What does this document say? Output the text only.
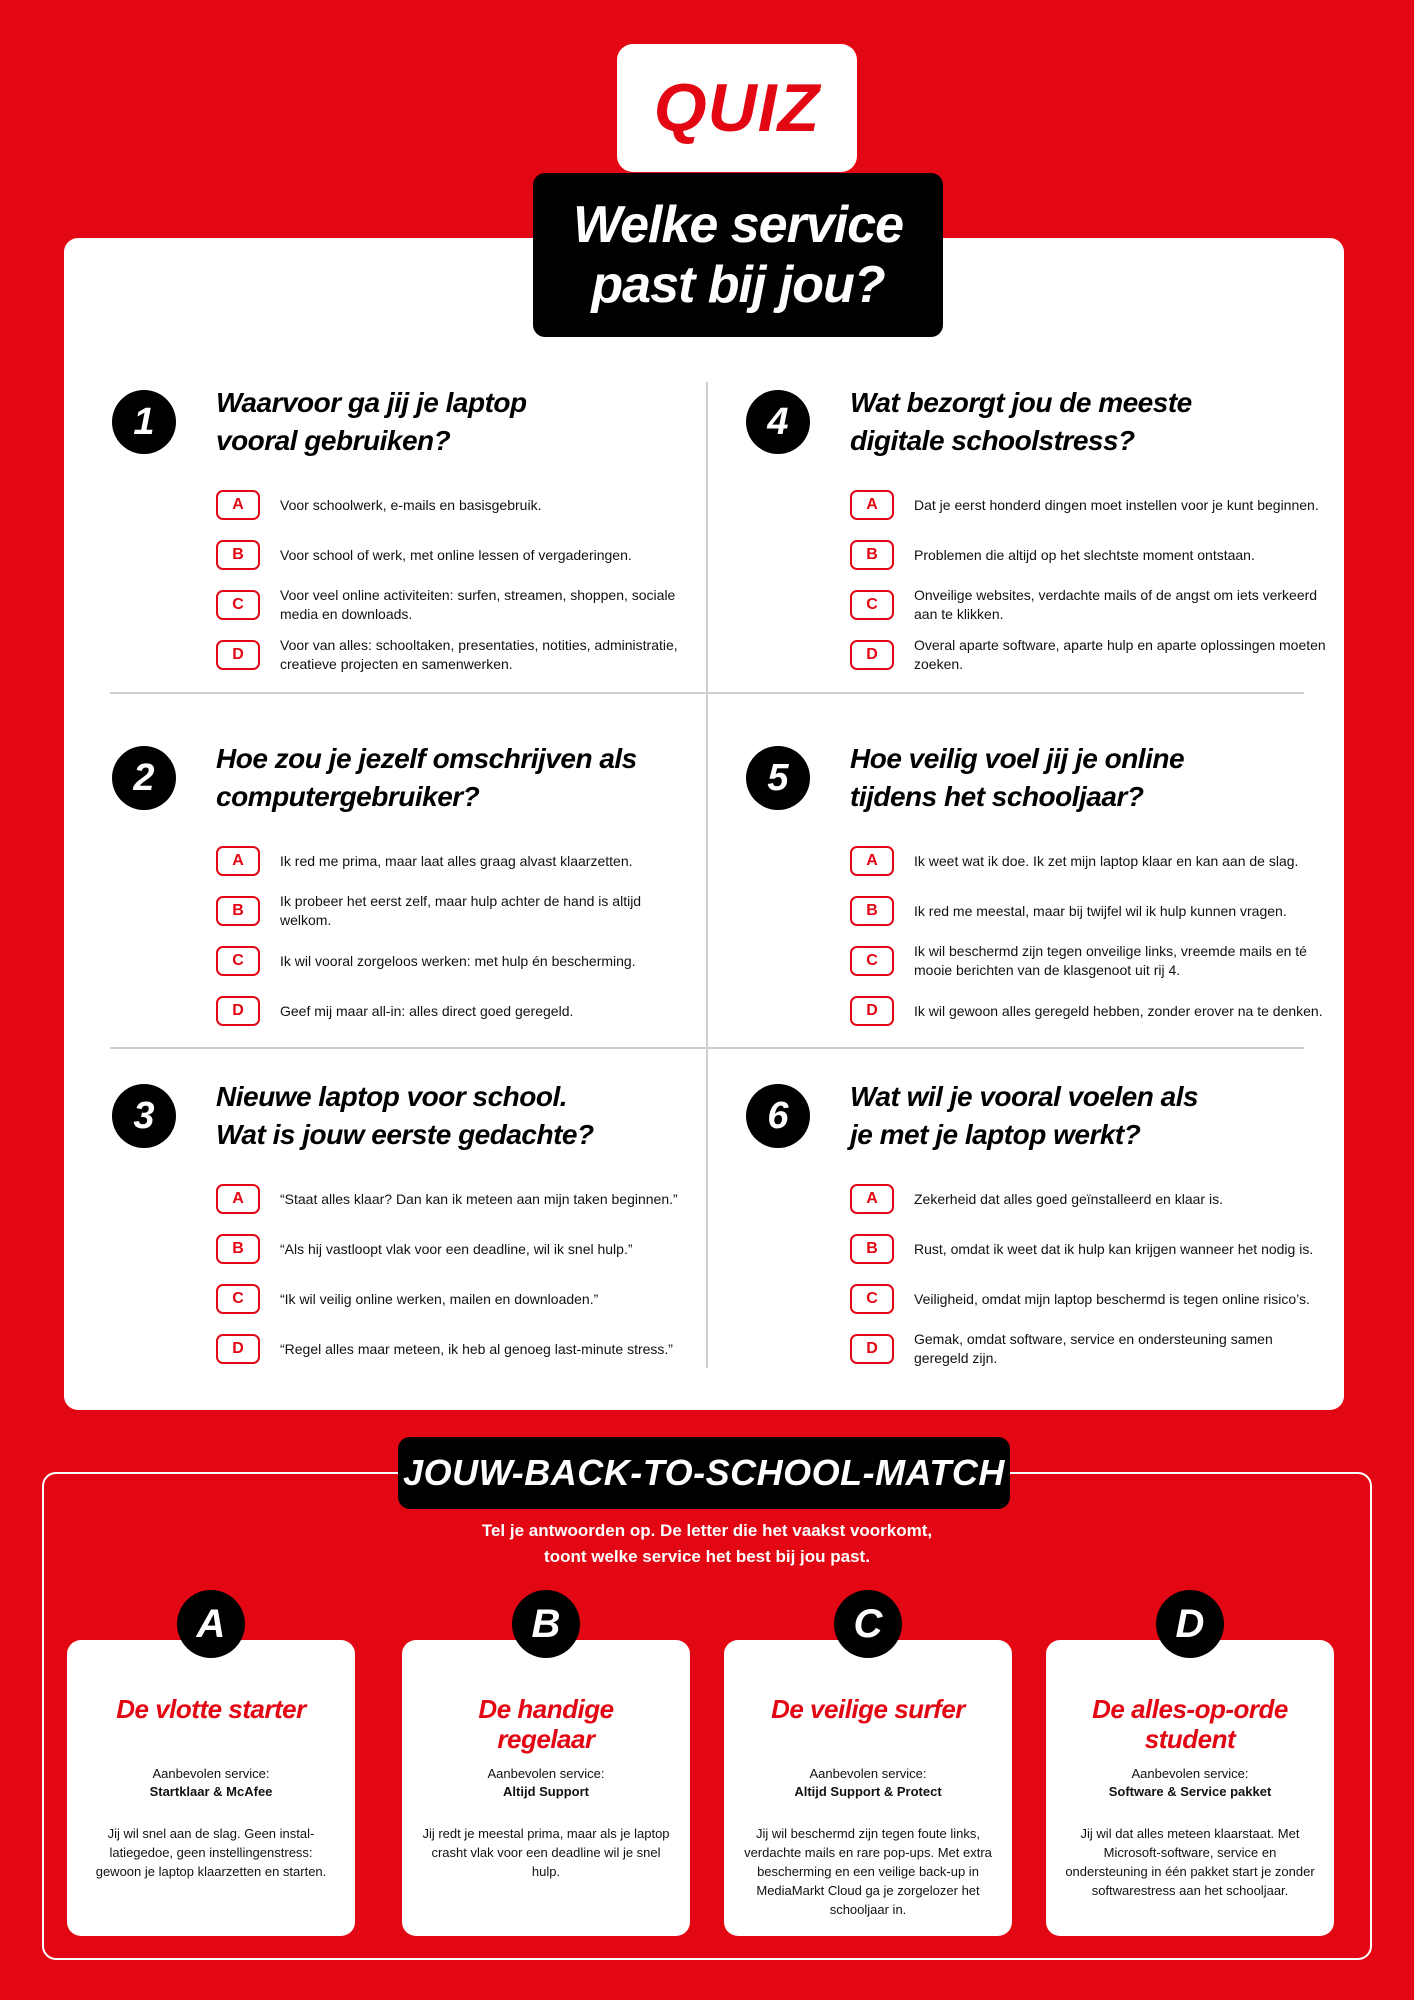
QUIZ
Welke service
past bij jou?
1	Waarvoor ga jij je laptop
vooral gebruiken?
A	Voor schoolwerk, e-mails en basisgebruik.
B	Voor school of werk, met online lessen of vergaderingen.
C
Voor veel online activiteiten: surfen, streamen, shoppen, sociale media en downloads.
D
Voor van alles: schooltaken, presentaties, notities, administratie, creatieve projecten en samenwerken.
2	Hoe zou je jezelf omschrijven als
computergebruiker?
A	Ik red me prima, maar laat alles graag alvast klaarzetten.
B
Ik probeer het eerst zelf, maar hulp achter de hand is altijd welkom.
C	Ik wil vooral zorgeloos werken: met hulp én bescherming.
D	Geef mij maar all-in: alles direct goed geregeld.
3	Nieuwe laptop voor school.
Wat is jouw eerste gedachte?
A	“Staat alles klaar? Dan kan ik meteen aan mijn taken beginnen.”
B	“Als hij vastloopt vlak voor een deadline, wil ik snel hulp.”
C	“Ik wil veilig online werken, mailen en downloaden.”
D	“Regel alles maar meteen, ik heb al genoeg last-minute stress.”
4	Wat bezorgt jou de meeste
digitale schoolstress?
A	Dat je eerst honderd dingen moet instellen voor je kunt beginnen.
B	Problemen die altijd op het slechtste moment ontstaan.
C
Onveilige websites, verdachte mails of de angst om iets verkeerd aan te klikken.
D
Overal aparte software, aparte hulp en aparte oplossingen moeten zoeken.
5	Hoe veilig voel jij je online
tijdens het schooljaar?
A	Ik weet wat ik doe. Ik zet mijn laptop klaar en kan aan de slag.
B	Ik red me meestal, maar bij twijfel wil ik hulp kunnen vragen.
C
Ik wil beschermd zijn tegen onveilige links, vreemde mails en té mooie berichten van de klasgenoot uit rij 4.
D	Ik wil gewoon alles geregeld hebben, zonder erover na te denken.
6	Wat wil je vooral voelen als
je met je laptop werkt?
A	Zekerheid dat alles goed geïnstalleerd en klaar is.
B	Rust, omdat ik weet dat ik hulp kan krijgen wanneer het nodig is.
C	Veiligheid, omdat mijn laptop beschermd is tegen online risico’s.
D
Gemak, omdat software, service en ondersteuning samen geregeld zijn.
JOUW-BACK-TO-SCHOOL-MATCH
Tel je antwoorden op. De letter die het vaakst voorkomt,
toont welke service het best bij jou past.
A
De vlotte starter
Aanbevolen service:
Startklaar & McAfee
Jij wil snel aan de slag. Geen instal-latiegedoe, geen instellingenstress: gewoon je laptop klaarzetten en starten.
B
De handige
regelaar
Aanbevolen service:
Altijd Support
Jij redt je meestal prima, maar als je laptop crasht vlak voor een deadline wil je snel hulp.
C
De veilige surfer
Aanbevolen service:
Altijd Support & Protect
Jij wil beschermd zijn tegen foute links, verdachte mails en rare pop-ups. Met extra bescherming en een veilige back-up in MediaMarkt Cloud ga je zorgelozer het schooljaar in.
D
De alles-op-orde
student
Aanbevolen service:
Software & Service pakket
Jij wil dat alles meteen klaarstaat. Met Microsoft-software, service en ondersteuning in één pakket start je zonder softwarestress aan het schooljaar.
